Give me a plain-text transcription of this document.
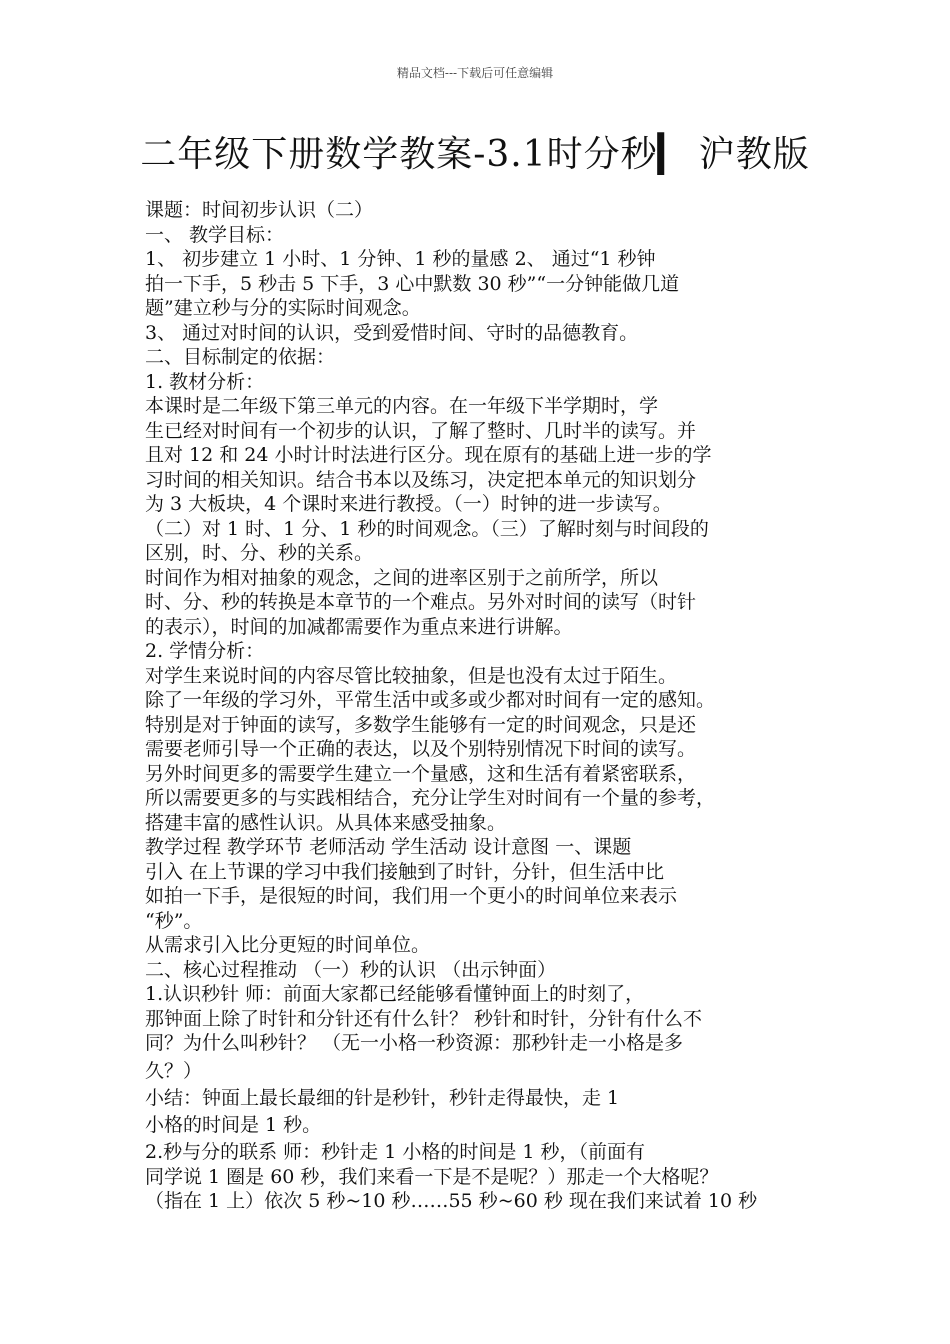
精品文档---下载后可任意编辑
二年级下册数学教案-3.1时分秒▎ 沪教版
课题：时间初步认识（二）
一、 教学目标：
1、 初步建立 1 小时、1 分钟、1 秒的量感 2、 通过“1 秒钟
拍一下手，5 秒击 5 下手，3 心中默数 30 秒”“一分钟能做几道
题”建立秒与分的实际时间观念。
3、 通过对时间的认识，受到爱惜时间、守时的品德教育。
二、目标制定的依据：
1. 教材分析：
本课时是二年级下第三单元的内容。在一年级下半学期时，学
生已经对时间有一个初步的认识，了解了整时、几时半的读写。并
且对 12 和 24 小时计时法进行区分。现在原有的基础上进一步的学
习时间的相关知识。结合书本以及练习，决定把本单元的知识划分
为 3 大板块，4 个课时来进行教授。（一）时钟的进一步读写。
（二）对 1 时、1 分、1 秒的时间观念。（三）了解时刻与时间段的
区别，时、分、秒的关系。
时间作为相对抽象的观念，之间的进率区别于之前所学，所以
时、分、秒的转换是本章节的一个难点。另外对时间的读写（时针
的表示），时间的加减都需要作为重点来进行讲解。
2. 学情分析：
对学生来说时间的内容尽管比较抽象，但是也没有太过于陌生。
除了一年级的学习外，平常生活中或多或少都对时间有一定的感知。
特别是对于钟面的读写，多数学生能够有一定的时间观念，只是还
需要老师引导一个正确的表达，以及个别特别情况下时间的读写。
另外时间更多的需要学生建立一个量感，这和生活有着紧密联系，
所以需要更多的与实践相结合，充分让学生对时间有一个量的参考，
搭建丰富的感性认识。从具体来感受抽象。
教学过程 教学环节 老师活动 学生活动 设计意图 一、课题
引入 在上节课的学习中我们接触到了时针，分针，但生活中比
如拍一下手，是很短的时间，我们用一个更小的时间单位来表示
“秒”。
从需求引入比分更短的时间单位。
二、核心过程推动 （一）秒的认识 （出示钟面）
1.认识秒针 师：前面大家都已经能够看懂钟面上的时刻了，
那钟面上除了时针和分针还有什么针？ 秒针和时针，分针有什么不
同？为什么叫秒针？ （无一小格一秒资源：那秒针走一小格是多
久？）
小结：钟面上最长最细的针是秒针，秒针走得最快，走 1
小格的时间是 1 秒。
2.秒与分的联系 师：秒针走 1 小格的时间是 1 秒，（前面有
同学说 1 圈是 60 秒，我们来看一下是不是呢？）那走一个大格呢？
（指在 1 上）依次 5 秒~10 秒……55 秒~60 秒 现在我们来试着 10 秒
